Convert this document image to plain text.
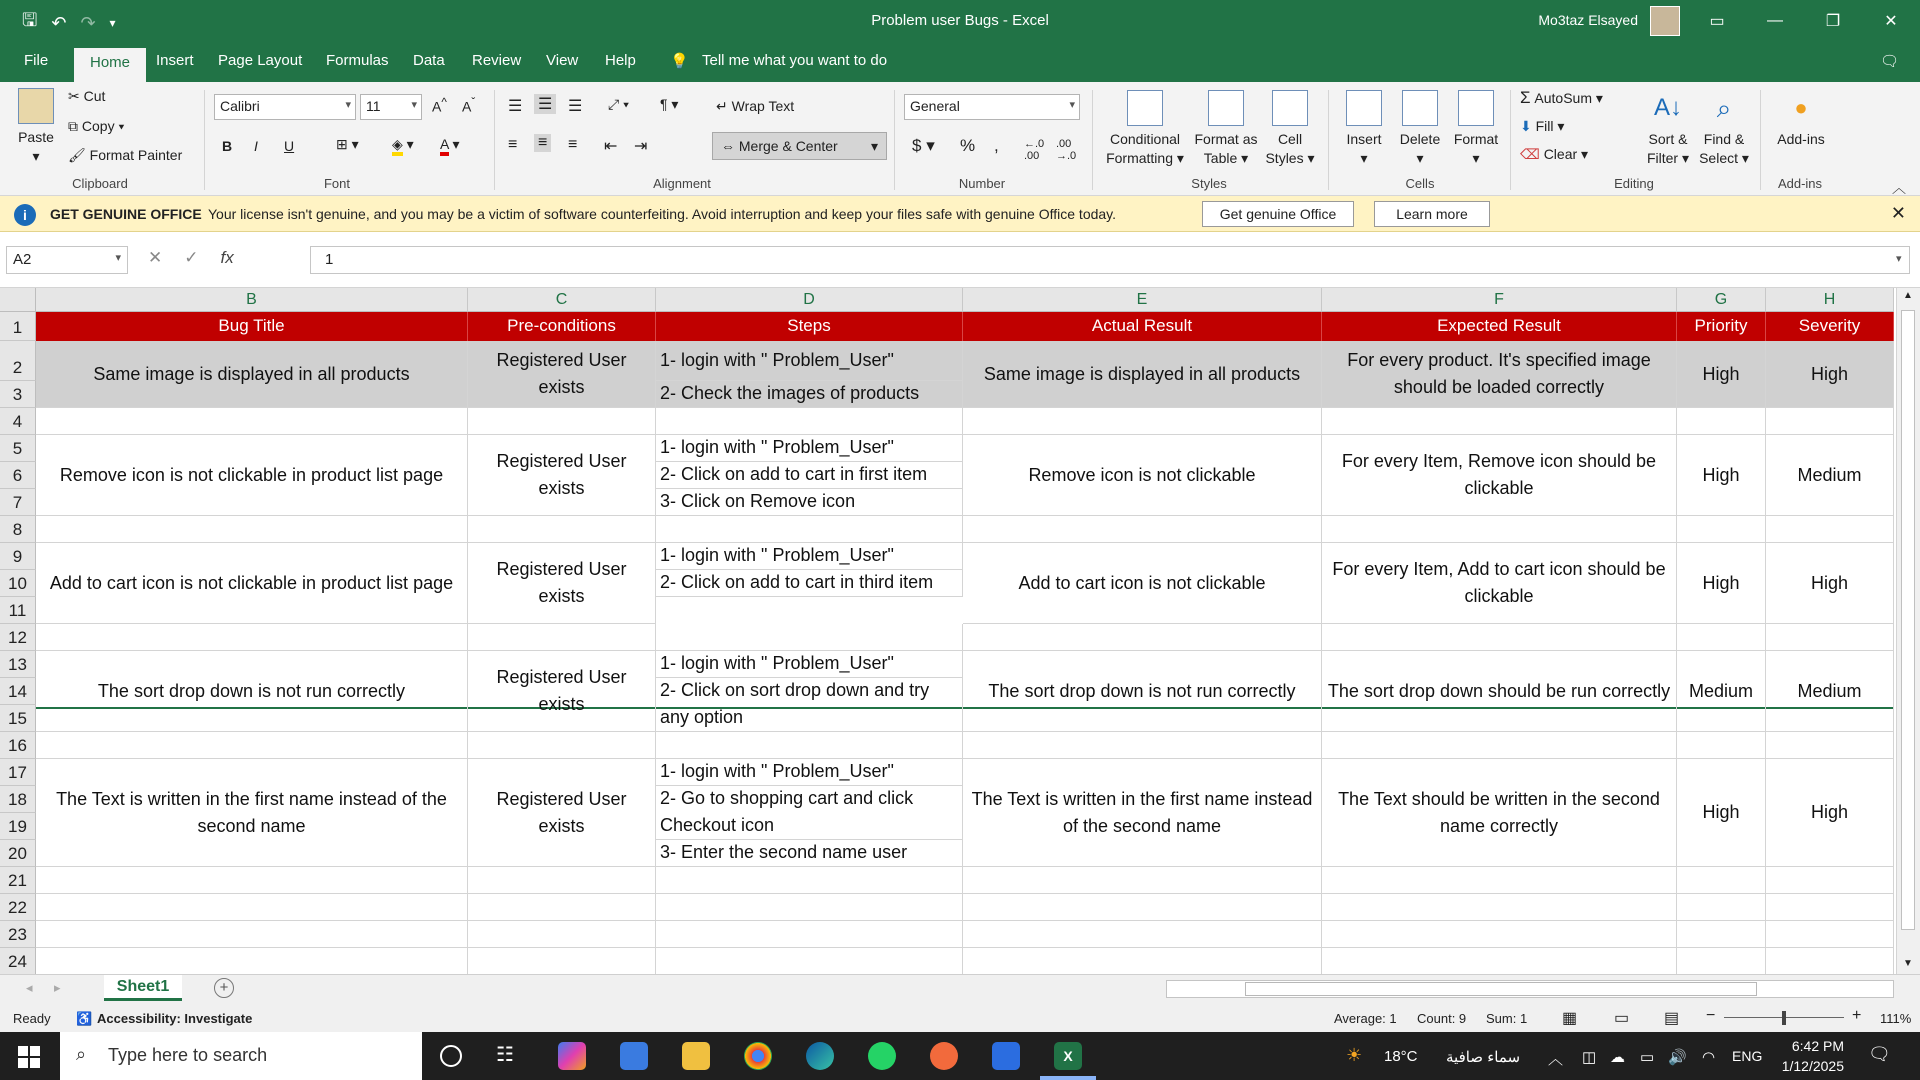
🖫 ↶ ↷ ▾	Problem user Bugs - Excel	Mo3taz Elsayed	▭	—	❐	✕
File	Home	Insert Page Layout Formulas Data Review View Help 💡 Tell me what you want to do	🗨
Paste
▾
✂ Cut
⧉ Copy ▾
🖌 Format Painter
Clipboard
Calibri ▾	11 ▾	A^ $A^ˇ$
B I U	⊞ ▾ ◈ ▾ A ▾
Font
☰ ☰ ☰ ⤢ ▾ ¶ ▾
≡ ≡ ≡ ⇤ ⇥
↵ Wrap Text
⇔ Merge & Center ▾
Alignment
General ▾
$ ▾ % , ←.0
.00
.00
→.0
Number
Conditional
Formatting ▾
Format as
Table ▾
Cell
Styles ▾
Styles
Insert
▾
Delete
▾
Format
▾
Cells
Σ AutoSum ▾
⬇ Fill ▾
⌫ Clear ▾
A↓
Sort &
Filter ▾
⌕
Find &
Select ▾
Editing
●
Add-ins
Add-ins	︿
i	GET GENUINE OFFICE Your license isn't genuine, and you may be a victim of software counterfeiting. Avoid interruption and keep your files safe with genuine Office today.	Get genuine Office	Learn more	✕
A2	▾ ✕ ✓ fx	1	▾
▲
▼
B	C	D	E	F	G	H
1
2
3
4
5
6
7
8
9
10
11
12
13
14
15
16
17
18
19
20
21
22
23
24
Bug Title	Pre-conditions	Steps	Actual Result	Expected Result	Priority	Severity
Same image is displayed in all products
Registered User exists
Same image is displayed in all products
For every product. It's specified image should be loaded correctly
High	High
1- login with " Problem_User"
2- Check the images of products
Remove icon is not clickable in product list page
Registered User exists
Remove icon is not clickable
For every Item, Remove icon should be clickable
High	Medium
1- login with " Problem_User"
2- Click on add to cart in first item
3- Click on Remove icon
Add to cart icon is not clickable in product list page
Registered User exists
Add to cart icon is not clickable
For every Item, Add to cart icon should be clickable
High	High
1- login with " Problem_User"
2- Click on add to cart in third item
The sort drop down is not run correctly
Registered User exists
The sort drop down is not run correctly	The sort drop down should be run correctly	Medium	Medium
1- login with " Problem_User"
2- Click on sort drop down and try any option
The Text is written in the first name instead of the second name
Registered User exists
The Text is written in the first name instead of the second name
The Text should be written in the second name correctly
High	High
1- login with " Problem_User"
2- Go to shopping cart and click Checkout icon
3- Enter the second name user
◂ ▸	Sheet1	+
Ready ♿ Accessibility: Investigate	Average: 1 Count: 9 Sum: 1 ▦ ▭ ▤ −	+ 111%
⌕ Type here to search	☷	X	☀ 18°C سماء صافية ︿ ◫ ☁ ▭ 🔊 ◠ ENG
6:42 PM
1/12/2025
🗨
